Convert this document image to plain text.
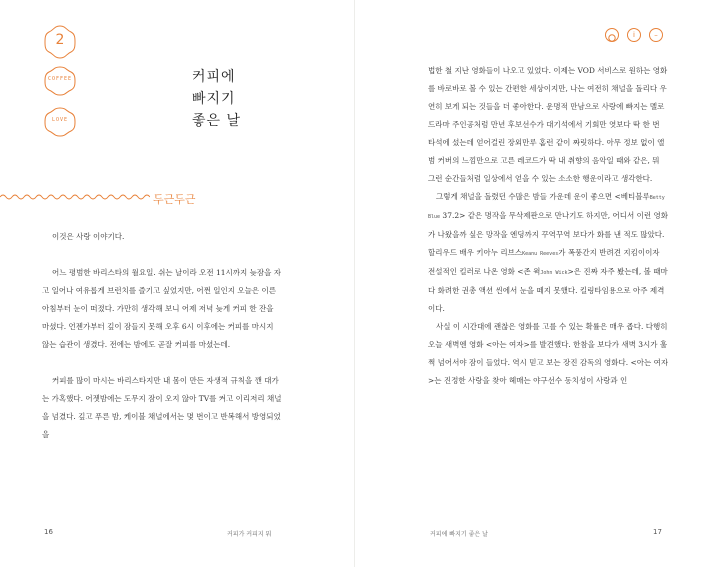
2
COFFEE
LOVE
커피에
빠지기
좋은 날
두근두근

이것은 사랑 이야기다.

어느 평범한 바리스타의 월요일. 쉬는 날이라 오전 11시까지 늦잠을 자고 일어나 여유롭게 브런치를 즐기고 싶었지만, 어쩐 일인지 오늘은 이른 아침부터 눈이 떠졌다. 가만히 생각해 보니 어제 저녁 늦게 커피 한 잔을 마셨다. 언젠가부터 깊이 잠들지 못해 오후 6시 이후에는 커피를 마시지 않는 습관이 생겼다. 전에는 밤에도 곧잘 커피를 마셨는데.

커피를 많이 마시는 바리스타지만 내 몸이 만든 자생적 규칙을 깬 대가는 가혹했다. 어젯밤에는 도무지 잠이 오지 않아 TV를 켜고 이리저리 채널을 넘겼다. 깊고 푸른 밤, 케이블 채널에서는 몇 번이고 반복해서 방영되었을

16	커피가 커피지 뭐

법한 철 지난 영화들이 나오고 있었다. 이제는 VOD 서비스로 원하는 영화를 바로바로 볼 수 있는 간편한 세상이지만, 나는 여전히 채널을 돌리다 우연히 보게 되는 것들을 더 좋아한다. 운명적 만남으로 사랑에 빠지는 멜로 드라마 주인공처럼 만년 후보선수가 대기석에서 기회만 엿보다 딱 한 번 타석에 섰는데 얻어걸린 장외만루 홈런 같이 짜릿하다. 아무 정보 없이 앨범 커버의 느낌만으로 고른 레코드가 딱 내 취향의 음악일 때와 같은, 뭐 그런 순간들처럼 일상에서 얻을 수 있는 소소한 행운이라고 생각한다.

그렇게 채널을 돌렸던 수많은 밤들 가운데 운이 좋으면 <베티블루Betty Blue 37.2> 같은 명작을 무삭제판으로 만나기도 하지만, 어디서 이런 영화가 나왔을까 싶은 망작을 엔딩까지 꾸역꾸역 보다가 화를 낸 적도 많았다. 할리우드 배우 키아누 리브스Keanu Reeves가 폭풍간지 반려견 지킴이이자 전설적인 킬러로 나온 영화 <존 윅John Wick>은 진짜 자주 봤는데, 볼 때마다 화려한 권총 액션 씬에서 눈을 떼지 못했다. 킬링타임용으로 아주 제격이다.

사실 이 시간대에 괜찮은 영화를 고를 수 있는 확률은 매우 좁다. 다행히 오늘 새벽엔 영화 <아는 여자>를 발견했다. 한참을 보다가 새벽 3시가 훌쩍 넘어서야 잠이 들었다. 역시 믿고 보는 장진 감독의 영화다. <아는 여자>는 진정한 사랑을 찾아 헤매는 야구선수 동치성이 사랑과 인

커피에 빠지기 좋은 날	17
i	–
